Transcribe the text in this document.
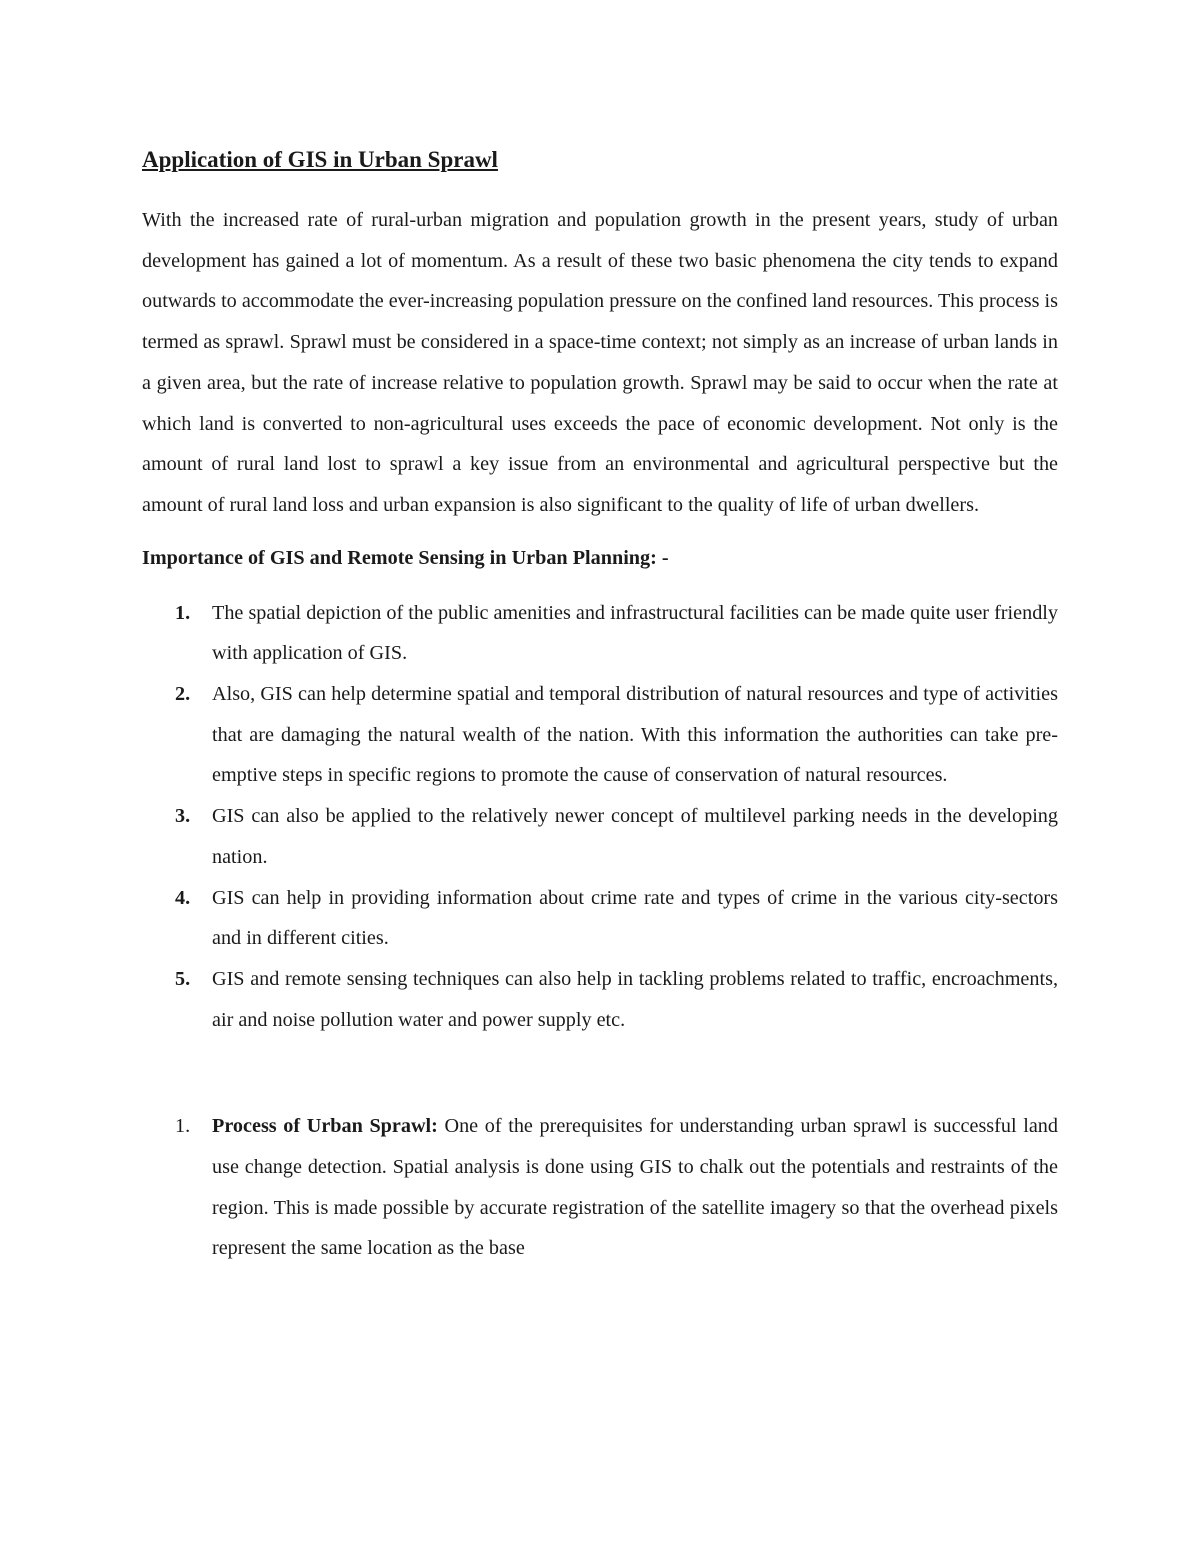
Application of GIS in Urban Sprawl

With the increased rate of rural-urban migration and population growth in the present years, study of urban development has gained a lot of momentum. As a result of these two basic phenomena the city tends to expand outwards to accommodate the ever-increasing population pressure on the confined land resources. This process is termed as sprawl. Sprawl must be considered in a space-time context; not simply as an increase of urban lands in a given area, but the rate of increase relative to population growth. Sprawl may be said to occur when the rate at which land is converted to non-agricultural uses exceeds the pace of economic development. Not only is the amount of rural land lost to sprawl a key issue from an environmental and agricultural perspective but the amount of rural land loss and urban expansion is also significant to the quality of life of urban dwellers.

Importance of GIS and Remote Sensing in Urban Planning: -

1. The spatial depiction of the public amenities and infrastructural facilities can be made quite user friendly with application of GIS.
2. Also, GIS can help determine spatial and temporal distribution of natural resources and type of activities that are damaging the natural wealth of the nation. With this information the authorities can take pre-emptive steps in specific regions to promote the cause of conservation of natural resources.
3. GIS can also be applied to the relatively newer concept of multilevel parking needs in the developing nation.
4. GIS can help in providing information about crime rate and types of crime in the various city-sectors and in different cities.
5. GIS and remote sensing techniques can also help in tackling problems related to traffic, encroachments, air and noise pollution water and power supply etc.
1. Process of Urban Sprawl: One of the prerequisites for understanding urban sprawl is successful land use change detection. Spatial analysis is done using GIS to chalk out the potentials and restraints of the region. This is made possible by accurate registration of the satellite imagery so that the overhead pixels represent the same location as the base
